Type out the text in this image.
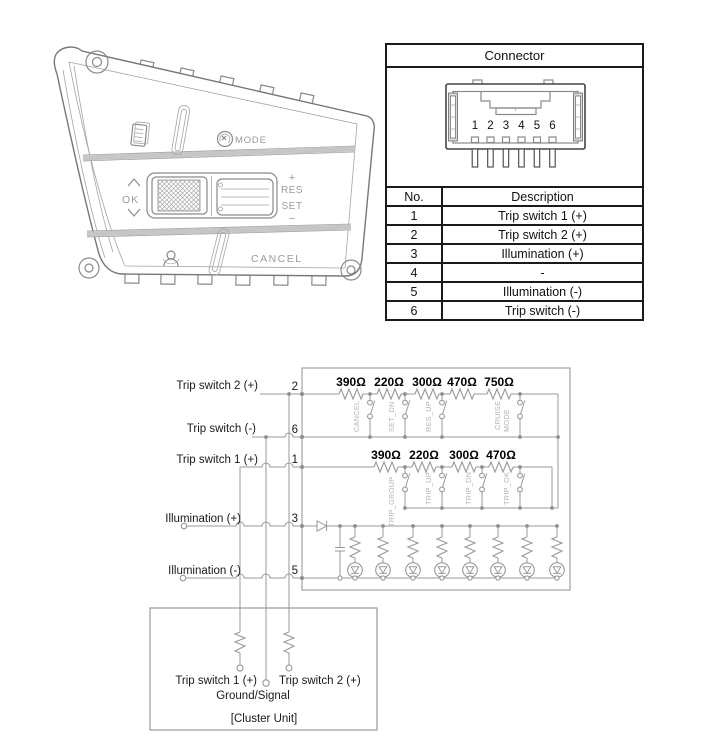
MODE
OK
+
RES
SET
−
CANCEL
Connector
1 2 3 4 5 6
No.	Description
1	Trip switch 1 (+)
2	Trip switch 2 (+)
3	Illumination (+)
4	-
5	Illumination (-)
6	Trip switch (-)
390Ω 220Ω 300Ω 470Ω 750Ω
CANCEL	SET_DN	RES_UP	CRUISE MODE
390Ω 220Ω 300Ω 470Ω
TRIP_GROUP	TRIP_UP	TRIP_DN	TRIP_OK
2
6
1
3
5
Trip switch 2 (+)
Trip switch (-)
Trip switch 1 (+)
Illumination (+)
Illumination (-)
Trip switch 1 (+)
Ground/Signal
Trip switch 2 (+)
[Cluster Unit]
